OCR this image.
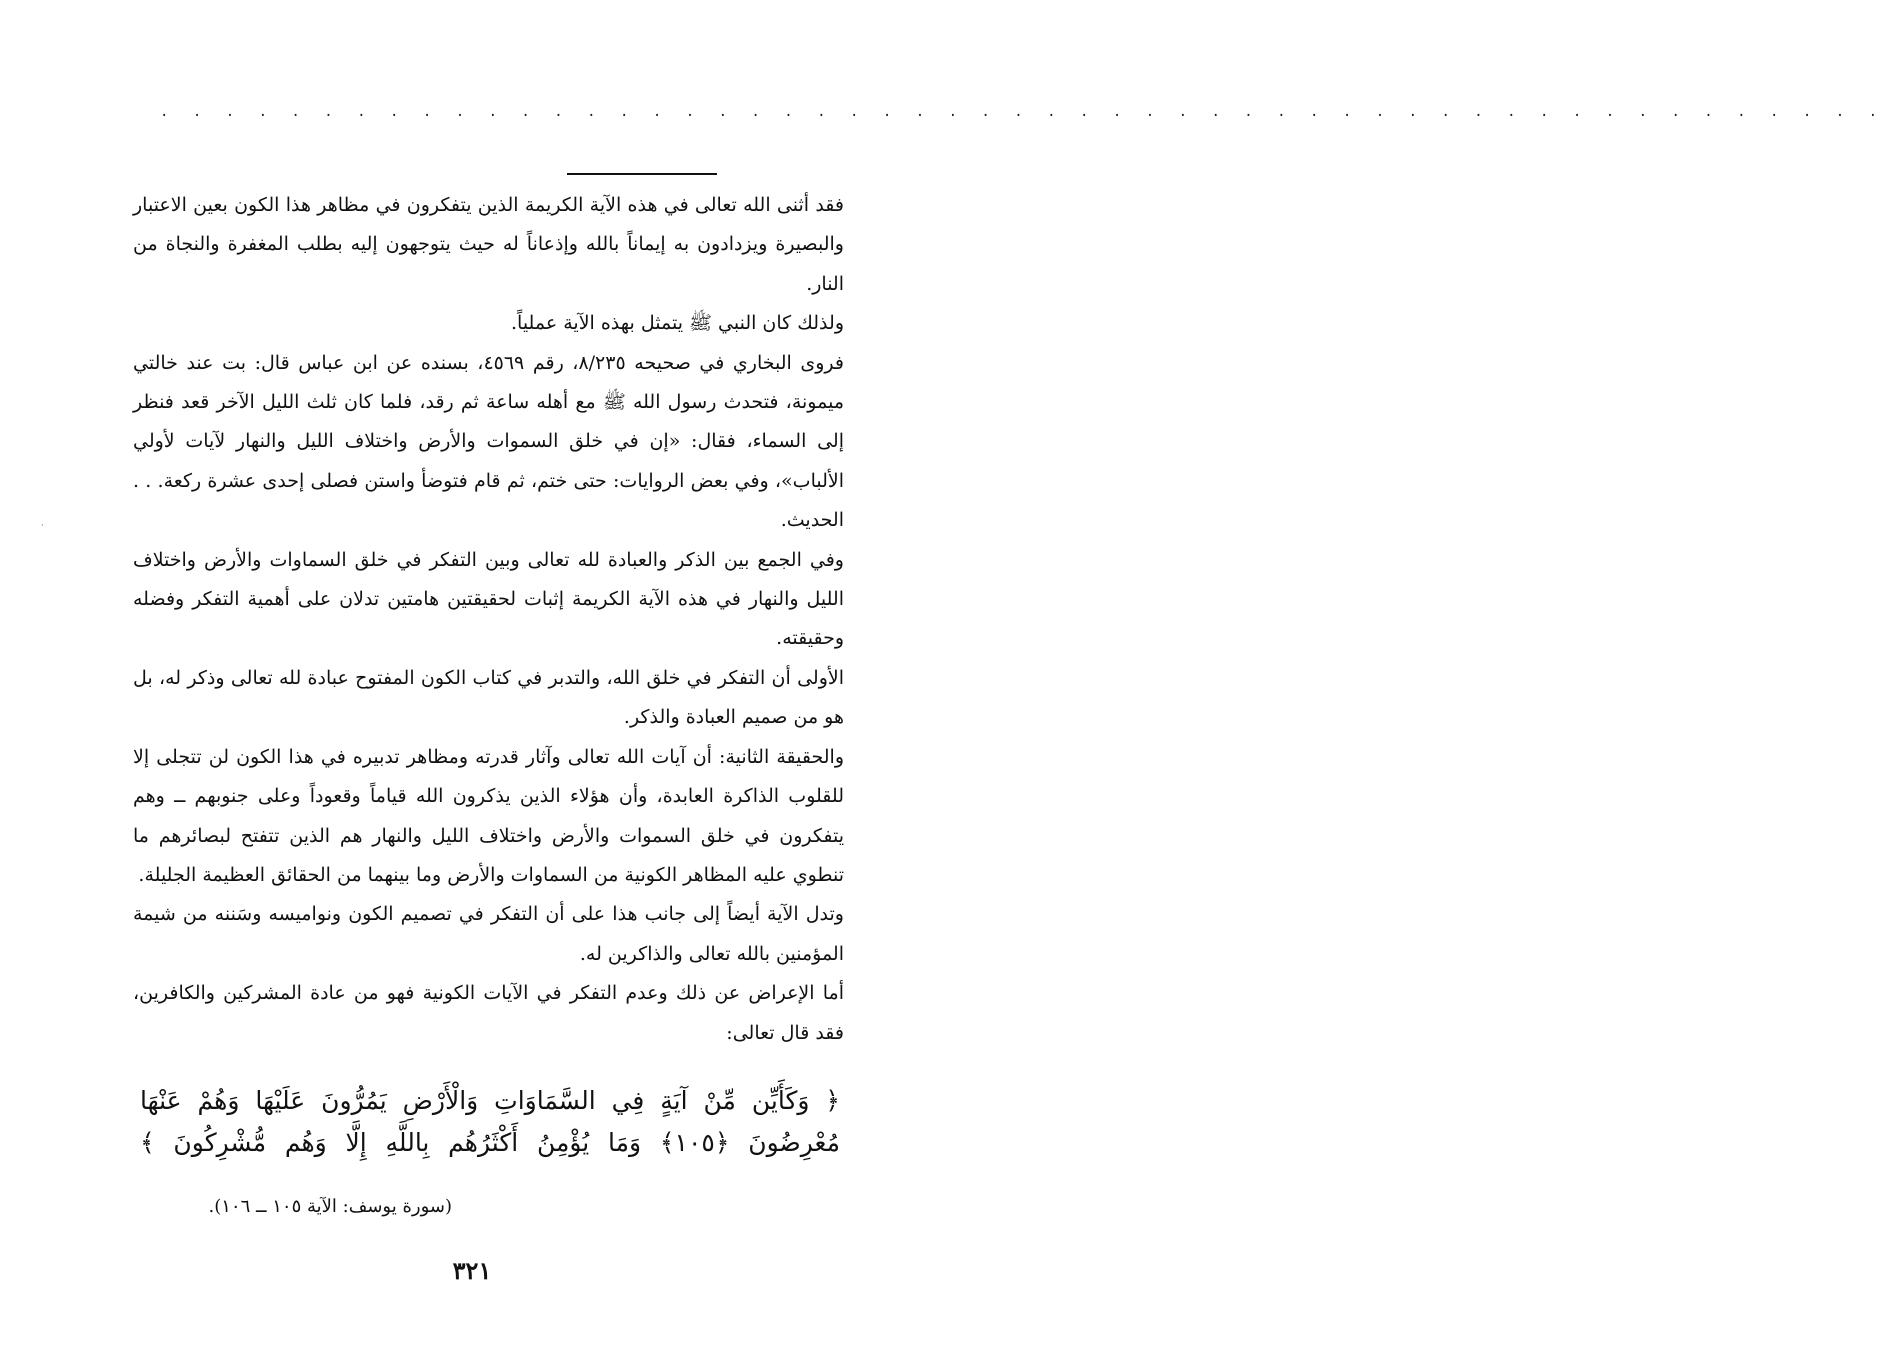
. . . . . . . . . . . . . . . . . . . . . . . . . . . . . . . . . . . . . . . . . . . . . . . . . . . . .
·

فقد أثنى الله تعالى في هذه الآية الكريمة الذين يتفكرون في مظاهر هذا الكون بعين الاعتبار والبصيرة ويزدادون به إيماناً بالله وإذعاناً له حيث يتوجهون إليه بطلب المغفرة والنجاة من النار.

ولذلك كان النبي ﷺ يتمثل بهذه الآية عملياً.

فروى البخاري في صحيحه ٨/٢٣٥، رقم ٤٥٦٩، بسنده عن ابن عباس قال: بت عند خالتي ميمونة، فتحدث رسول الله ﷺ مع أهله ساعة ثم رقد، فلما كان ثلث الليل الآخر قعد فنظر إلى السماء، فقال: «إن في خلق السموات والأرض واختلاف الليل والنهار لآيات لأولي الألباب»، وفي بعض الروايات: حتى ختم، ثم قام فتوضأ واستن فصلى إحدى عشرة ركعة. . . الحديث.

وفي الجمع بين الذكر والعبادة لله تعالى وبين التفكر في خلق السماوات والأرض واختلاف الليل والنهار في هذه الآية الكريمة إثبات لحقيقتين هامتين تدلان على أهمية التفكر وفضله وحقيقته.

الأولى أن التفكر في خلق الله، والتدبر في كتاب الكون المفتوح عبادة لله تعالى وذكر له، بل هو من صميم العبادة والذكر.

والحقيقة الثانية: أن آيات الله تعالى وآثار قدرته ومظاهر تدبيره في هذا الكون لن تتجلى إلا للقلوب الذاكرة العابدة، وأن هؤلاء الذين يذكرون الله قياماً وقعوداً وعلى جنوبهم ــ وهم يتفكرون في خلق السموات والأرض واختلاف الليل والنهار هم الذين تتفتح لبصائرهم ما تنطوي عليه المظاهر الكونية من السماوات والأرض وما بينهما من الحقائق العظيمة الجليلة.

وتدل الآية أيضاً إلى جانب هذا على أن التفكر في تصميم الكون ونواميسه وسَننه من شيمة المؤمنين بالله تعالى والذاكرين له.

أما الإعراض عن ذلك وعدم التفكر في الآيات الكونية فهو من عادة المشركين والكافرين، فقد قال تعالى:

﴿ وَكَأَيِّن مِّنْ آيَةٍ فِي السَّمَاوَاتِ وَالْأَرْضِ يَمُرُّونَ عَلَيْهَا وَهُمْ عَنْهَا
مُعْرِضُونَ ﴿١٠٥﴾ وَمَا يُؤْمِنُ أَكْثَرُهُم بِاللَّهِ إِلَّا وَهُم مُّشْرِكُونَ ﴾
(سورة يوسف: الآية ١٠٥ ــ ١٠٦).
٣٢١
